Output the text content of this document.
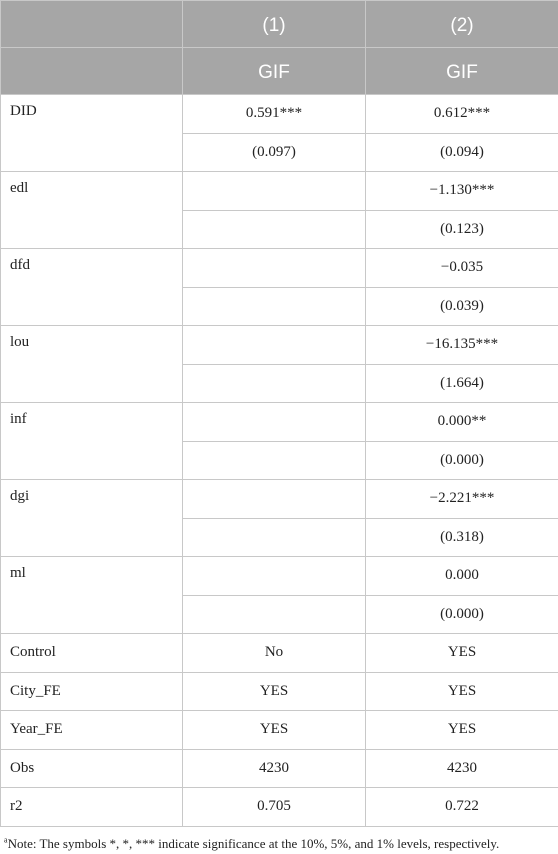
	(1)	(2)
	GIF	GIF
DID	0.591***	0.612***
	(0.097)	(0.094)
edl		−1.130***
		(0.123)
dfd		−0.035
		(0.039)
lou		−16.135***
		(1.664)
inf		0.000**
		(0.000)
dgi		−2.221***
		(0.318)
ml		0.000
		(0.000)
Control	No	YES
City_FE	YES	YES
Year_FE	YES	YES
Obs	4230	4230
r2	0.705	0.722
$^a$Note: The symbols *, *, *** indicate significance at the 10%, 5%, and 1% levels, respectively.
